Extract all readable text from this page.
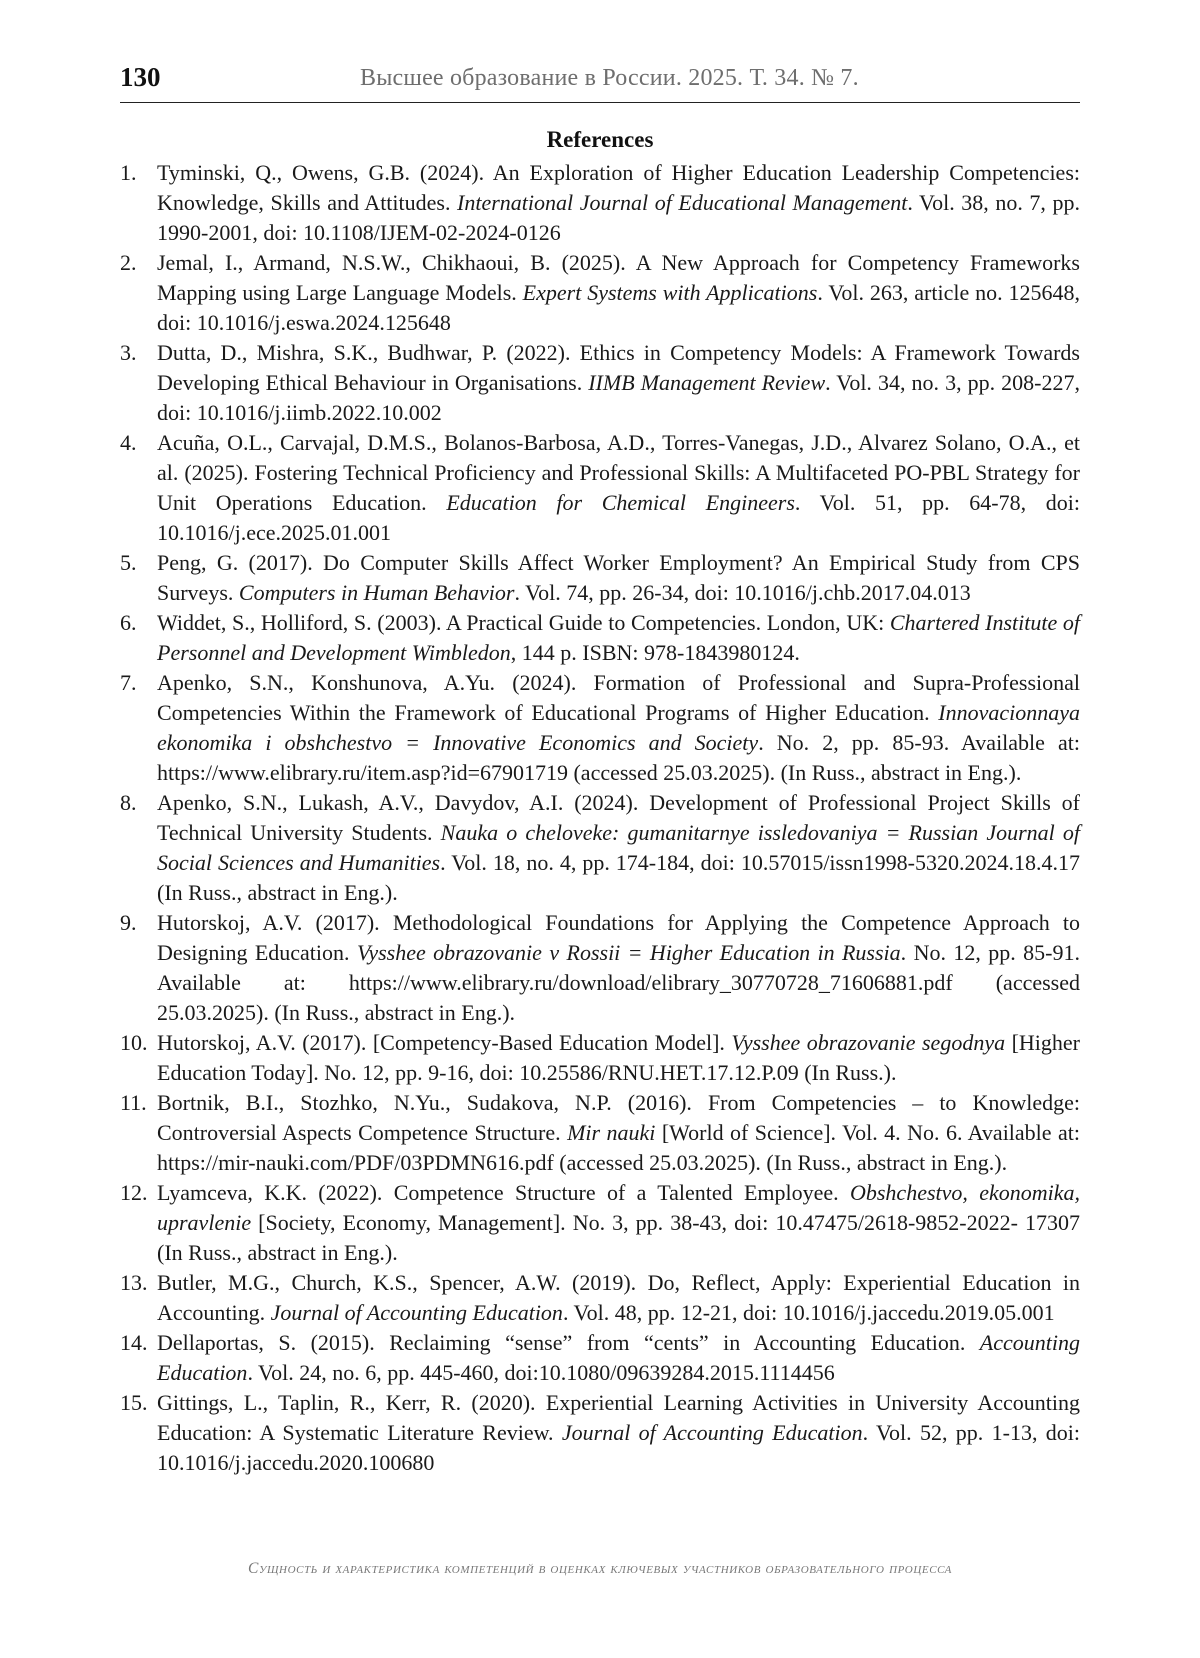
130	Высшее образование в России. 2025. Т. 34. № 7.
References
1. Tyminski, Q., Owens, G.B. (2024). An Exploration of Higher Education Leadership Competencies: Knowledge, Skills and Attitudes. International Journal of Educational Management. Vol. 38, no. 7, pp. 1990-2001, doi: 10.1108/IJEM-02-2024-0126
2. Jemal, I., Armand, N.S.W., Chikhaoui, B. (2025). A New Approach for Competency Frameworks Mapping using Large Language Models. Expert Systems with Applications. Vol. 263, article no. 125648, doi: 10.1016/j.eswa.2024.125648
3. Dutta, D., Mishra, S.K., Budhwar, P. (2022). Ethics in Competency Models: A Framework Towards Developing Ethical Behaviour in Organisations. IIMB Management Review. Vol. 34, no. 3, pp. 208-227, doi: 10.1016/j.iimb.2022.10.002
4. Acuña, O.L., Carvajal, D.M.S., Bolanos-Barbosa, A.D., Torres-Vanegas, J.D., Alvarez Solano, O.A., et al. (2025). Fostering Technical Proficiency and Professional Skills: A Multifaceted PO-PBL Strategy for Unit Operations Education. Education for Chemical Engineers. Vol. 51, pp. 64-78, doi: 10.1016/j.ece.2025.01.001
5. Peng, G. (2017). Do Computer Skills Affect Worker Employment? An Empirical Study from CPS Surveys. Computers in Human Behavior. Vol. 74, pp. 26-34, doi: 10.1016/j.chb.2017.04.013
6. Widdet, S., Holliford, S. (2003). A Practical Guide to Competencies. London, UK: Chartered Institute of Personnel and Development Wimbledon, 144 p. ISBN: 978-1843980124.
7. Apenko, S.N., Konshunova, A.Yu. (2024). Formation of Professional and Supra-Professional Competencies Within the Framework of Educational Programs of Higher Education. Innovacionnaya ekonomika i obshchestvo = Innovative Economics and Society. No. 2, pp. 85-93. Available at: https://www.elibrary.ru/item.asp?id=67901719 (accessed 25.03.2025). (In Russ., abstract in Eng.).
8. Apenko, S.N., Lukash, A.V., Davydov, A.I. (2024). Development of Professional Project Skills of Technical University Students. Nauka o cheloveke: gumanitarnye issledovaniya = Russian Journal of Social Sciences and Humanities. Vol. 18, no. 4, pp. 174-184, doi: 10.57015/issn1998-5320.2024.18.4.17 (In Russ., abstract in Eng.).
9. Hutorskoj, A.V. (2017). Methodological Foundations for Applying the Competence Approach to Designing Education. Vysshee obrazovanie v Rossii = Higher Education in Russia. No. 12, pp. 85-91. Available at: https://www.elibrary.ru/download/elibrary_30770728_71606881.pdf (accessed 25.03.2025). (In Russ., abstract in Eng.).
10. Hutorskoj, A.V. (2017). [Competency-Based Education Model]. Vysshee obrazovanie segodnya [Higher Education Today]. No. 12, pp. 9-16, doi: 10.25586/RNU.HET.17.12.P.09 (In Russ.).
11. Bortnik, B.I., Stozhko, N.Yu., Sudakova, N.P. (2016). From Competencies – to Knowledge: Controversial Aspects Competence Structure. Mir nauki [World of Science]. Vol. 4. No. 6. Available at: https://mir-nauki.com/PDF/03PDMN616.pdf (accessed 25.03.2025). (In Russ., abstract in Eng.).
12. Lyamceva, K.K. (2022). Competence Structure of a Talented Employee. Obshchestvo, ekonomika, upravlenie [Society, Economy, Management]. No. 3, pp. 38-43, doi: 10.47475/2618-9852-2022- 17307 (In Russ., abstract in Eng.).
13. Butler, M.G., Church, K.S., Spencer, A.W. (2019). Do, Reflect, Apply: Experiential Education in Accounting. Journal of Accounting Education. Vol. 48, pp. 12-21, doi: 10.1016/j.jaccedu.2019.05.001
14. Dellaportas, S. (2015). Reclaiming “sense” from “cents” in Accounting Education. Accounting Education. Vol. 24, no. 6, pp. 445-460, doi:10.1080/09639284.2015.1114456
15. Gittings, L., Taplin, R., Kerr, R. (2020). Experiential Learning Activities in University Accounting Education: A Systematic Literature Review. Journal of Accounting Education. Vol. 52, pp. 1-13, doi: 10.1016/j.jaccedu.2020.100680
Сущность и характеристика компетенций в оценках ключевых участников образовательного процесса
